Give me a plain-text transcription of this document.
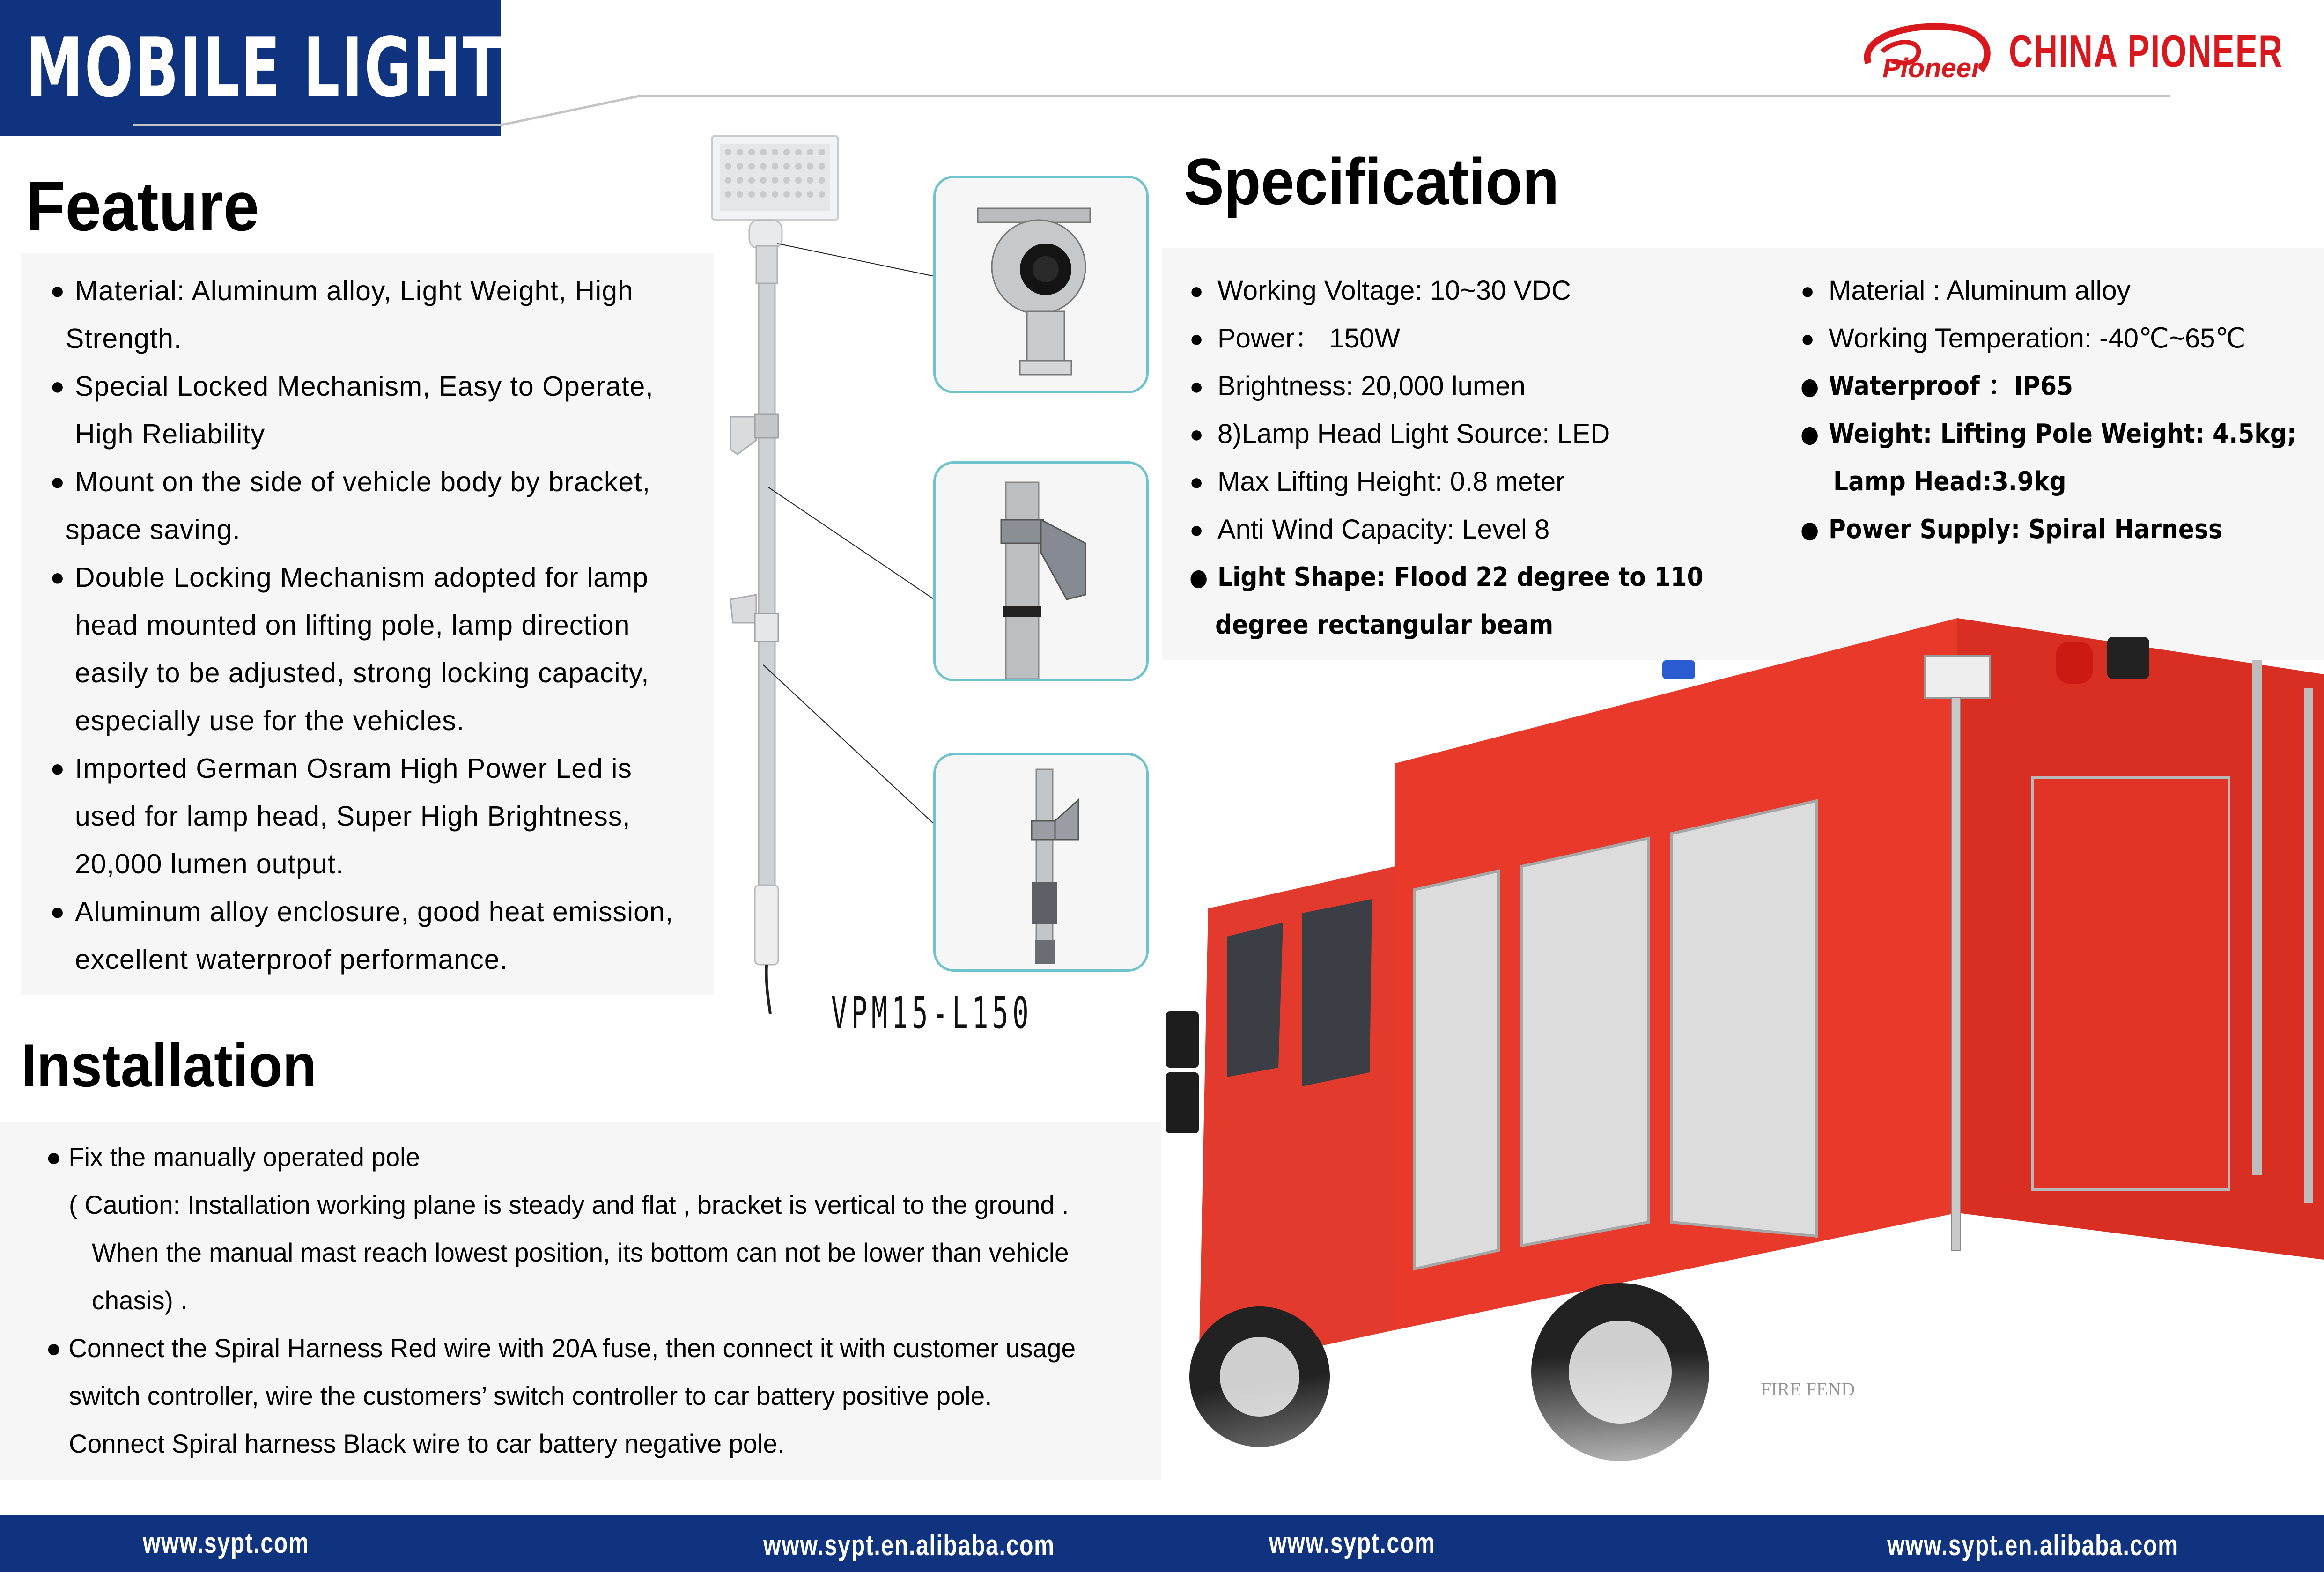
MOBILE LIGHT	Pioneer CHINA PIONEER
Feature
● Material: Aluminum alloy, Light Weight, High
Strength.
● Special Locked Mechanism, Easy to Operate,
High Reliability
● Mount on the side of vehicle body by bracket,
space saving.
● Double Locking Mechanism adopted for lamp
head mounted on lifting pole, lamp direction
easily to be adjusted, strong locking capacity,
especially use for the vehicles.
● Imported German Osram High Power Led is
used for lamp head, Super High Brightness,
20,000 lumen output.
● Aluminum alloy enclosure, good heat emission,
excellent waterproof performance.
VPM15-L150
Specification
● Working Voltage: 10~30 VDC
● Power： 150W
● Brightness: 20,000 lumen
● 8)Lamp Head Light Source: LED
● Max Lifting Height: 0.8 meter
● Anti Wind Capacity: Level 8
● Light Shape: Flood 22 degree to 110
degree rectangular beam
● Material : Aluminum alloy
● Working Temperation: -40℃~65℃
● Waterproof ：IP65
● Weight: Lifting Pole Weight: 4.5kg;
Lamp Head:3.9kg
● Power Supply: Spiral Harness
Installation
● Fix the manually operated pole
( Caution: Installation working plane is steady and flat , bracket is vertical to the ground .
When the manual mast reach lowest position, its bottom can not be lower than vehicle
chasis) .
● Connect the Spiral Harness Red wire with 20A fuse, then connect it with customer usage
switch controller, wire the customers’ switch controller to car battery positive pole.
Connect Spiral harness Black wire to car battery negative pole.
www.sypt.com	www.sypt.en.alibaba.com	www.sypt.com	www.sypt.en.alibaba.com
